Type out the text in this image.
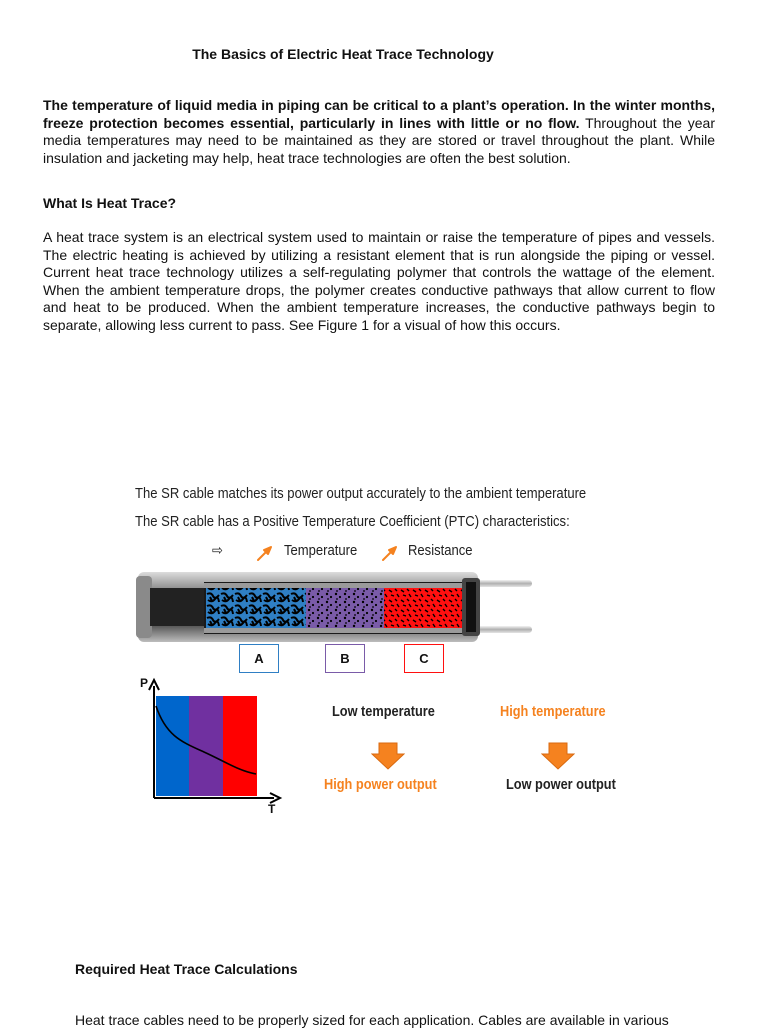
The Basics of Electric Heat Trace Technology

The temperature of liquid media in piping can be critical to a plant’s operation. In the winter months, freeze protection becomes essential, particularly in lines with little or no flow. Throughout the year media temperatures may need to be maintained as they are stored or travel throughout the plant. While insulation and jacketing may help, heat trace technologies are often the best solution.

What Is Heat Trace?

A heat trace system is an electrical system used to maintain or raise the temperature of pipes and vessels. The electric heating is achieved by utilizing a resistant element that is run alongside the piping or vessel. Current heat trace technology utilizes a self-regulating polymer that controls the wattage of the element. When the ambient temperature drops, the polymer creates conductive pathways that allow current to flow and heat to be produced. When the ambient temperature increases, the conductive pathways begin to separate, allowing less current to pass. See Figure 1 for a visual of how this occurs.

The SR cable matches its power output accurately to the ambient temperature
The SR cable has a Positive Temperature Coefficient (PTC) characteristics:
⇨	Temperature	Resistance
A	B	C
P
T
Low temperature	High temperature
High power output	Low power output
Required Heat Trace Calculations
Heat trace cables need to be properly sized for each application. Cables are available in various
